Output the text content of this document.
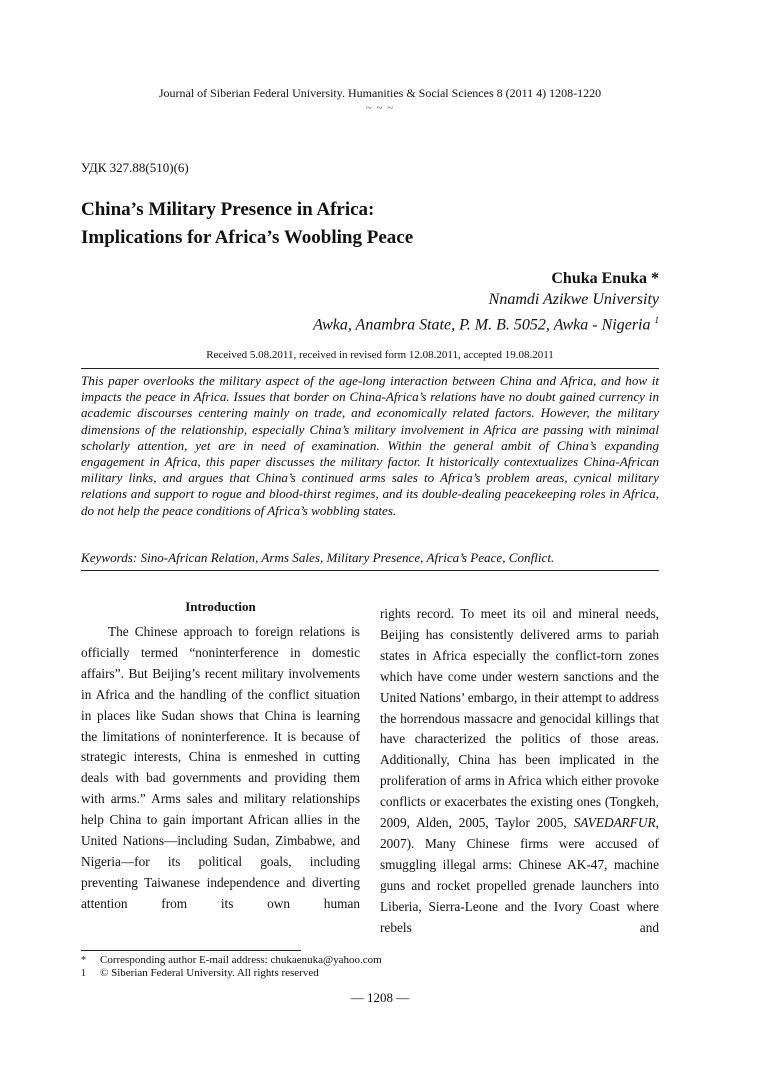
Journal of Siberian Federal University. Humanities & Social Sciences 8 (2011 4) 1208-1220
~ ~ ~
УДК 327.88(510)(6)
China’s Military Presence in Africa:
Implications for Africa’s Woobling Peace
Chuka Enuka *
Nnamdi Azikwe University
Awka, Anambra State, P. M. B. 5052, Awka - Nigeria $^1$
Received 5.08.2011, received in revised form 12.08.2011, accepted 19.08.2011
This paper overlooks the military aspect of the age-long interaction between China and Africa, and how it impacts the peace in Africa. Issues that border on China-Africa’s relations have no doubt gained currency in academic discourses centering mainly on trade, and economically related factors. However, the military dimensions of the relationship, especially China’s military involvement in Africa are passing with minimal scholarly attention, yet are in need of examination. Within the general ambit of China’s expanding engagement in Africa, this paper discusses the military factor. It historically contextualizes China-African military links, and argues that China’s continued arms sales to Africa’s problem areas, cynical military relations and support to rogue and blood-thirst regimes, and its double-dealing peacekeeping roles in Africa, do not help the peace conditions of Africa’s wobbling states.
Keywords: Sino-African Relation, Arms Sales, Military Presence, Africa’s Peace, Conflict.
Introduction
The Chinese approach to foreign relations is officially termed “noninterference in domestic affairs”. But Beijing’s recent military involvements in Africa and the handling of the conflict situation in places like Sudan shows that China is learning the limitations of noninterference. It is because of strategic interests, China is enmeshed in cutting deals with bad governments and providing them with arms.” Arms sales and military relationships help China to gain important African allies in the United Nations—including Sudan, Zimbabwe, and Nigeria—for its political goals, including preventing Taiwanese independence and diverting attention from its own human
rights record. To meet its oil and mineral needs, Beijing has consistently delivered arms to pariah states in Africa especially the conflict-torn zones which have come under western sanctions and the United Nations’ embargo, in their attempt to address the horrendous massacre and genocidal killings that have characterized the politics of those areas. Additionally, China has been implicated in the proliferation of arms in Africa which either provoke conflicts or exacerbates the existing ones (Tongkeh, 2009, Alden, 2005, Taylor 2005, SAVEDARFUR, 2007). Many Chinese firms were accused of smuggling illegal arms: Chinese AK-47, machine guns and rocket propelled grenade launchers into Liberia, Sierra-Leone and the Ivory Coast where rebels and
* Corresponding author E-mail address: chukaenuka@yahoo.com
1 © Siberian Federal University. All rights reserved
— 1208 —
